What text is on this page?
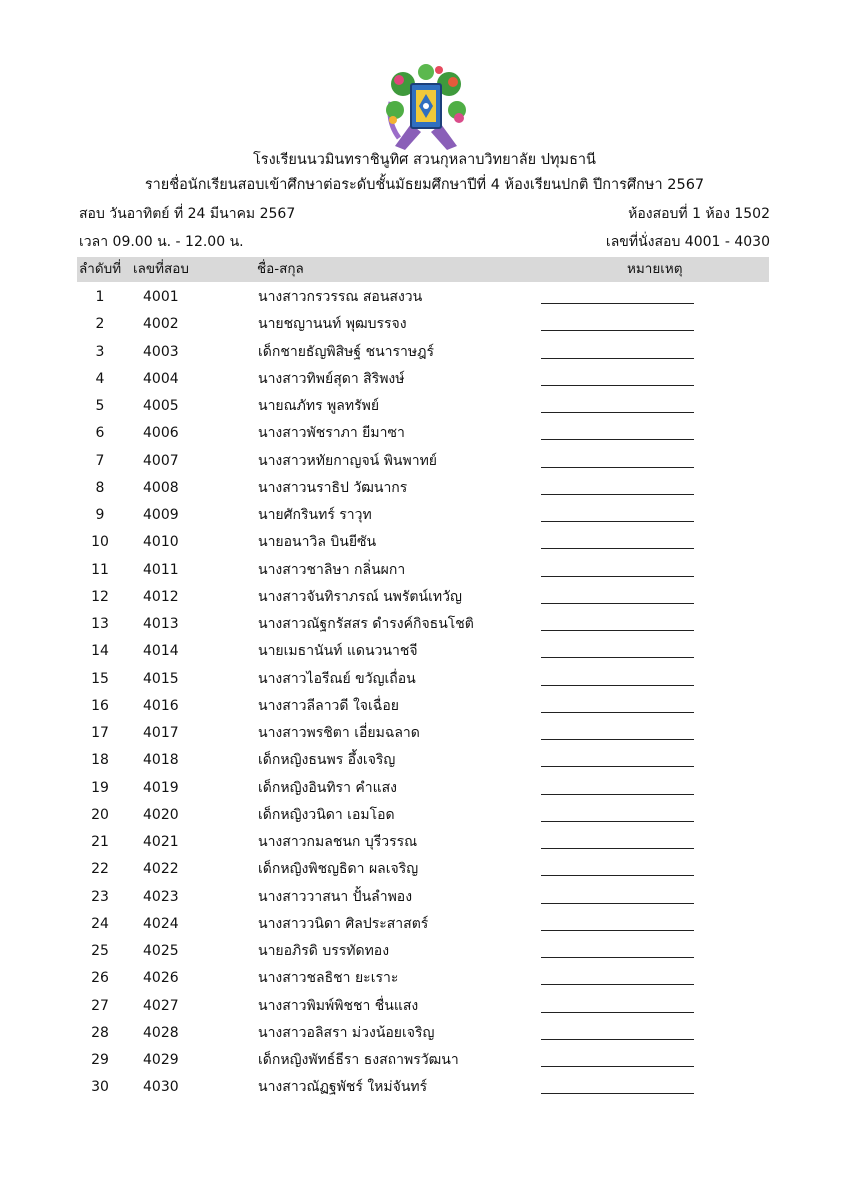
โรงเรียนนวมินทราชินูทิศ สวนกุหลาบวิทยาลัย ปทุมธานี
รายชื่อนักเรียนสอบเข้าศึกษาต่อระดับชั้นมัธยมศึกษาปีที่ 4 ห้องเรียนปกติ ปีการศึกษา 2567
สอบ วันอาทิตย์ ที่ 24 มีนาคม 2567	ห้องสอบที่ 1 ห้อง 1502
เวลา 09.00 น. - 12.00 น.	เลขที่นั่งสอบ 4001 - 4030
ลำดับที่ เลขที่สอบ	ชื่อ-สกุล	หมายเหตุ
1	4001	นางสาวกรวรรณ สอนสงวน
2	4002	นายชญานนท์ พุฒบรรจง
3	4003	เด็กชายธัญพิสิษฐ์ ชนาราษฎร์
4	4004	นางสาวทิพย์สุดา สิริพงษ์
5	4005	นายณภัทร พูลทรัพย์
6	4006	นางสาวพัชราภา ยีมาซา
7	4007	นางสาวหทัยกาญจน์ พินพาทย์
8	4008	นางสาวนราธิป วัฒนากร
9	4009	นายศักรินทร์ ราวุท
10	4010	นายอนาวิล บินยีซัน
11	4011	นางสาวชาลิษา กลิ่นผกา
12	4012	นางสาวจันทิราภรณ์ นพรัตน์เทวัญ
13	4013	นางสาวณัฐกรัสสร ดำรงค์กิจธนโชติ
14	4014	นายเมธานันท์ แดนวนาชจี
15	4015	นางสาวไอรีณย์ ขวัญเถื่อน
16	4016	นางสาวลีลาวดี ใจเฉื่อย
17	4017	นางสาวพรชิตา เอี่ยมฉลาด
18	4018	เด็กหญิงธนพร อึ้งเจริญ
19	4019	เด็กหญิงอินทิรา คำแสง
20	4020	เด็กหญิงวนิดา เอมโอด
21	4021	นางสาวกมลชนก บุรีวรรณ
22	4022	เด็กหญิงพิชญธิดา ผลเจริญ
23	4023	นางสาววาสนา ปั้นลำพอง
24	4024	นางสาววนิดา ศิลประสาสตร์
25	4025	นายอภิรดิ บรรทัดทอง
26	4026	นางสาวชลธิชา ยะเราะ
27	4027	นางสาวพิมพ์พิชชา ชื่นแสง
28	4028	นางสาวอลิสรา ม่วงน้อยเจริญ
29	4029	เด็กหญิงพัทธ์ธีรา ธงสถาพรวัฒนา
30	4030	นางสาวณัฏฐพัชร์ ใหม่จันทร์
